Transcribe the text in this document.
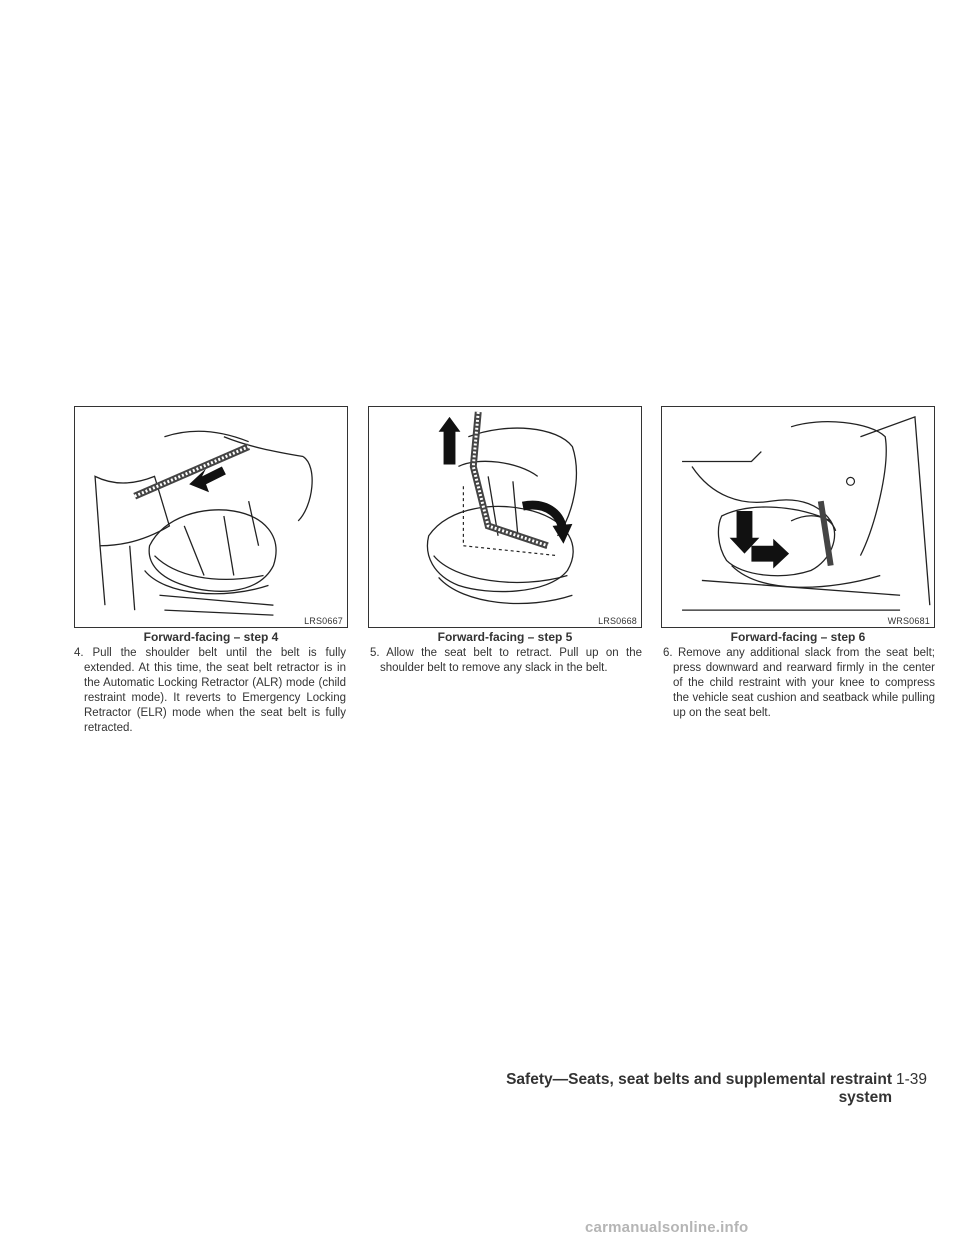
LRS0667
Forward-facing – step 4
4. Pull the shoulder belt until the belt is fully extended. At this time, the seat belt retractor is in the Automatic Locking Retractor (ALR) mode (child restraint mode). It reverts to Emergency Locking Retractor (ELR) mode when the seat belt is fully retracted.
LRS0668
Forward-facing – step 5
5. Allow the seat belt to retract. Pull up on the shoulder belt to remove any slack in the belt.
WRS0681
Forward-facing – step 6
6. Remove any additional slack from the seat belt; press downward and rearward firmly in the center of the child restraint with your knee to compress the vehicle seat cushion and seatback while pulling up on the seat belt.
Safety—Seats, seat belts and supplemental restraint system
1-39
carmanualsonline.info
